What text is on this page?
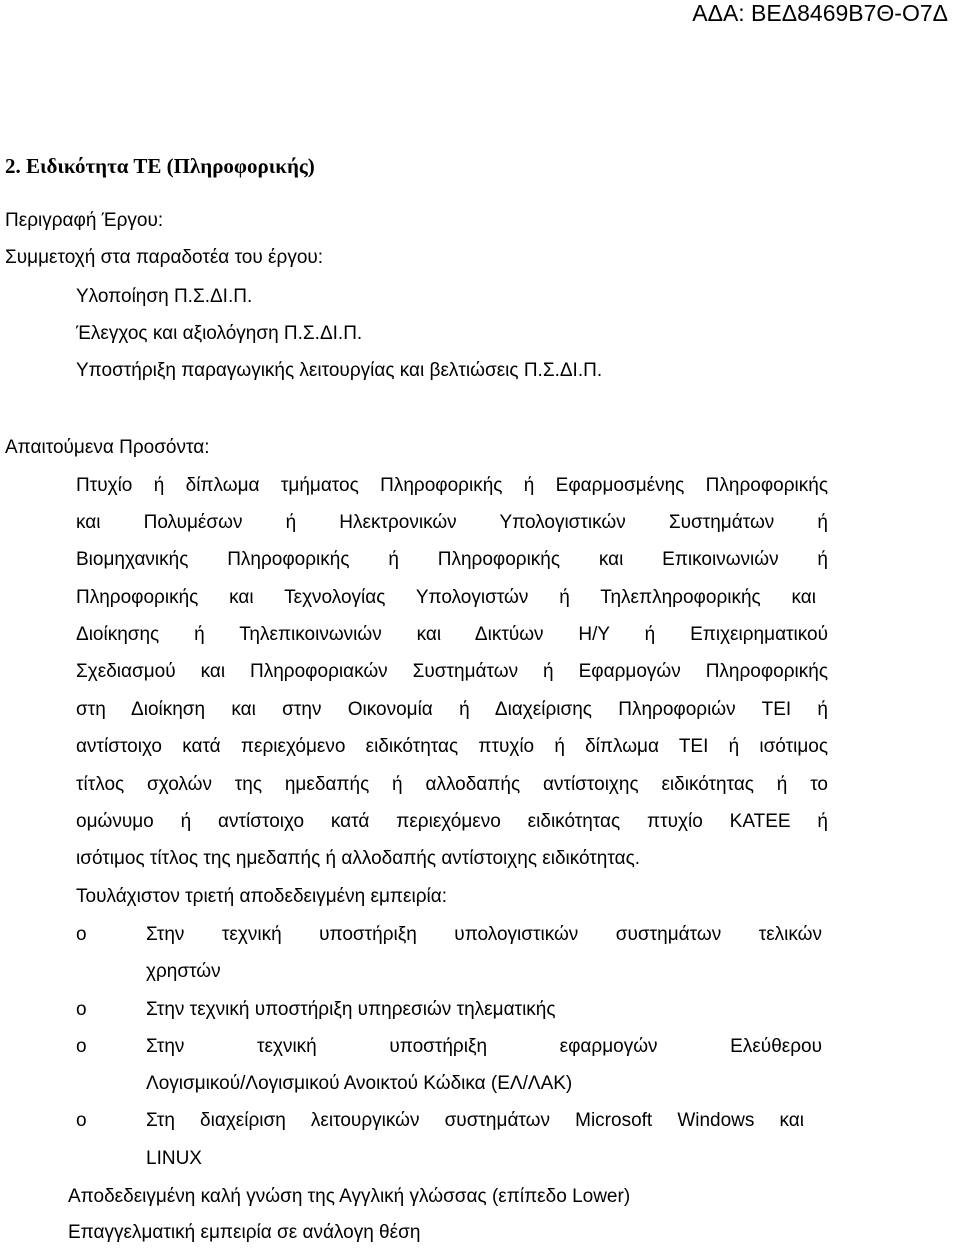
ΑΔΑ: ΒΕΔ8469Β7Θ-Ο7Δ
2. Ειδικότητα ΤΕ (Πληροφορικής)
Περιγραφή Έργου:
Συμμετοχή στα παραδοτέα του έργου:
Υλοποίηση Π.Σ.ΔΙ.Π.
Έλεγχος και αξιολόγηση Π.Σ.ΔΙ.Π.
Υποστήριξη παραγωγικής λειτουργίας και βελτιώσεις Π.Σ.ΔΙ.Π.
Απαιτούμενα Προσόντα:
Πτυχίο ή δίπλωμα τμήματος Πληροφορικής ή Εφαρμοσμένης Πληροφορικής
και Πολυμέσων ή Ηλεκτρονικών Υπολογιστικών Συστημάτων ή
Βιομηχανικής Πληροφορικής ή Πληροφορικής και Επικοινωνιών ή
Πληροφορικής και Τεχνολογίας Υπολογιστών ή Τηλεπληροφορικής και
Διοίκησης ή Τηλεπικοινωνιών και Δικτύων Η/Υ ή Επιχειρηματικού
Σχεδιασμού και Πληροφοριακών Συστημάτων ή Εφαρμογών Πληροφορικής
στη Διοίκηση και στην Οικονομία ή Διαχείρισης Πληροφοριών ΤΕΙ ή
αντίστοιχο κατά περιεχόμενο ειδικότητας πτυχίο ή δίπλωμα ΤΕΙ ή ισότιμος
τίτλος σχολών της ημεδαπής ή αλλοδαπής αντίστοιχης ειδικότητας ή το
ομώνυμο ή αντίστοιχο κατά περιεχόμενο ειδικότητας πτυχίο ΚΑΤΕΕ ή
ισότιμος τίτλος της ημεδαπής ή αλλοδαπής αντίστοιχης ειδικότητας.
Τουλάχιστον τριετή αποδεδειγμένη εμπειρία:
o	Στην τεχνική υποστήριξη υπολογιστικών συστημάτων τελικών
χρηστών
o	Στην τεχνική υποστήριξη υπηρεσιών τηλεματικής
o	Στην τεχνική υποστήριξη εφαρμογών Ελεύθερου
Λογισμικού/Λογισμικού Ανοικτού Κώδικα (ΕΛ/ΛΑΚ)
o	Στη διαχείριση λειτουργικών συστημάτων Microsoft Windows και
LINUX
Αποδεδειγμένη καλή γνώση της Αγγλική γλώσσας (επίπεδο Lower)
Επαγγελματική εμπειρία σε ανάλογη θέση
